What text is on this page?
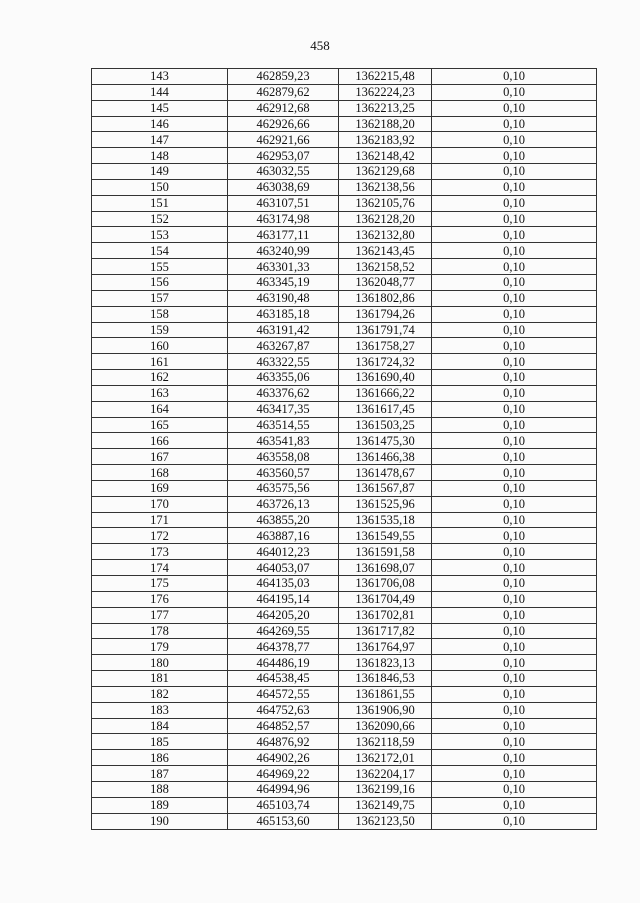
458
143	462859,23	1362215,48	0,10
144	462879,62	1362224,23	0,10
145	462912,68	1362213,25	0,10
146	462926,66	1362188,20	0,10
147	462921,66	1362183,92	0,10
148	462953,07	1362148,42	0,10
149	463032,55	1362129,68	0,10
150	463038,69	1362138,56	0,10
151	463107,51	1362105,76	0,10
152	463174,98	1362128,20	0,10
153	463177,11	1362132,80	0,10
154	463240,99	1362143,45	0,10
155	463301,33	1362158,52	0,10
156	463345,19	1362048,77	0,10
157	463190,48	1361802,86	0,10
158	463185,18	1361794,26	0,10
159	463191,42	1361791,74	0,10
160	463267,87	1361758,27	0,10
161	463322,55	1361724,32	0,10
162	463355,06	1361690,40	0,10
163	463376,62	1361666,22	0,10
164	463417,35	1361617,45	0,10
165	463514,55	1361503,25	0,10
166	463541,83	1361475,30	0,10
167	463558,08	1361466,38	0,10
168	463560,57	1361478,67	0,10
169	463575,56	1361567,87	0,10
170	463726,13	1361525,96	0,10
171	463855,20	1361535,18	0,10
172	463887,16	1361549,55	0,10
173	464012,23	1361591,58	0,10
174	464053,07	1361698,07	0,10
175	464135,03	1361706,08	0,10
176	464195,14	1361704,49	0,10
177	464205,20	1361702,81	0,10
178	464269,55	1361717,82	0,10
179	464378,77	1361764,97	0,10
180	464486,19	1361823,13	0,10
181	464538,45	1361846,53	0,10
182	464572,55	1361861,55	0,10
183	464752,63	1361906,90	0,10
184	464852,57	1362090,66	0,10
185	464876,92	1362118,59	0,10
186	464902,26	1362172,01	0,10
187	464969,22	1362204,17	0,10
188	464994,96	1362199,16	0,10
189	465103,74	1362149,75	0,10
190	465153,60	1362123,50	0,10
